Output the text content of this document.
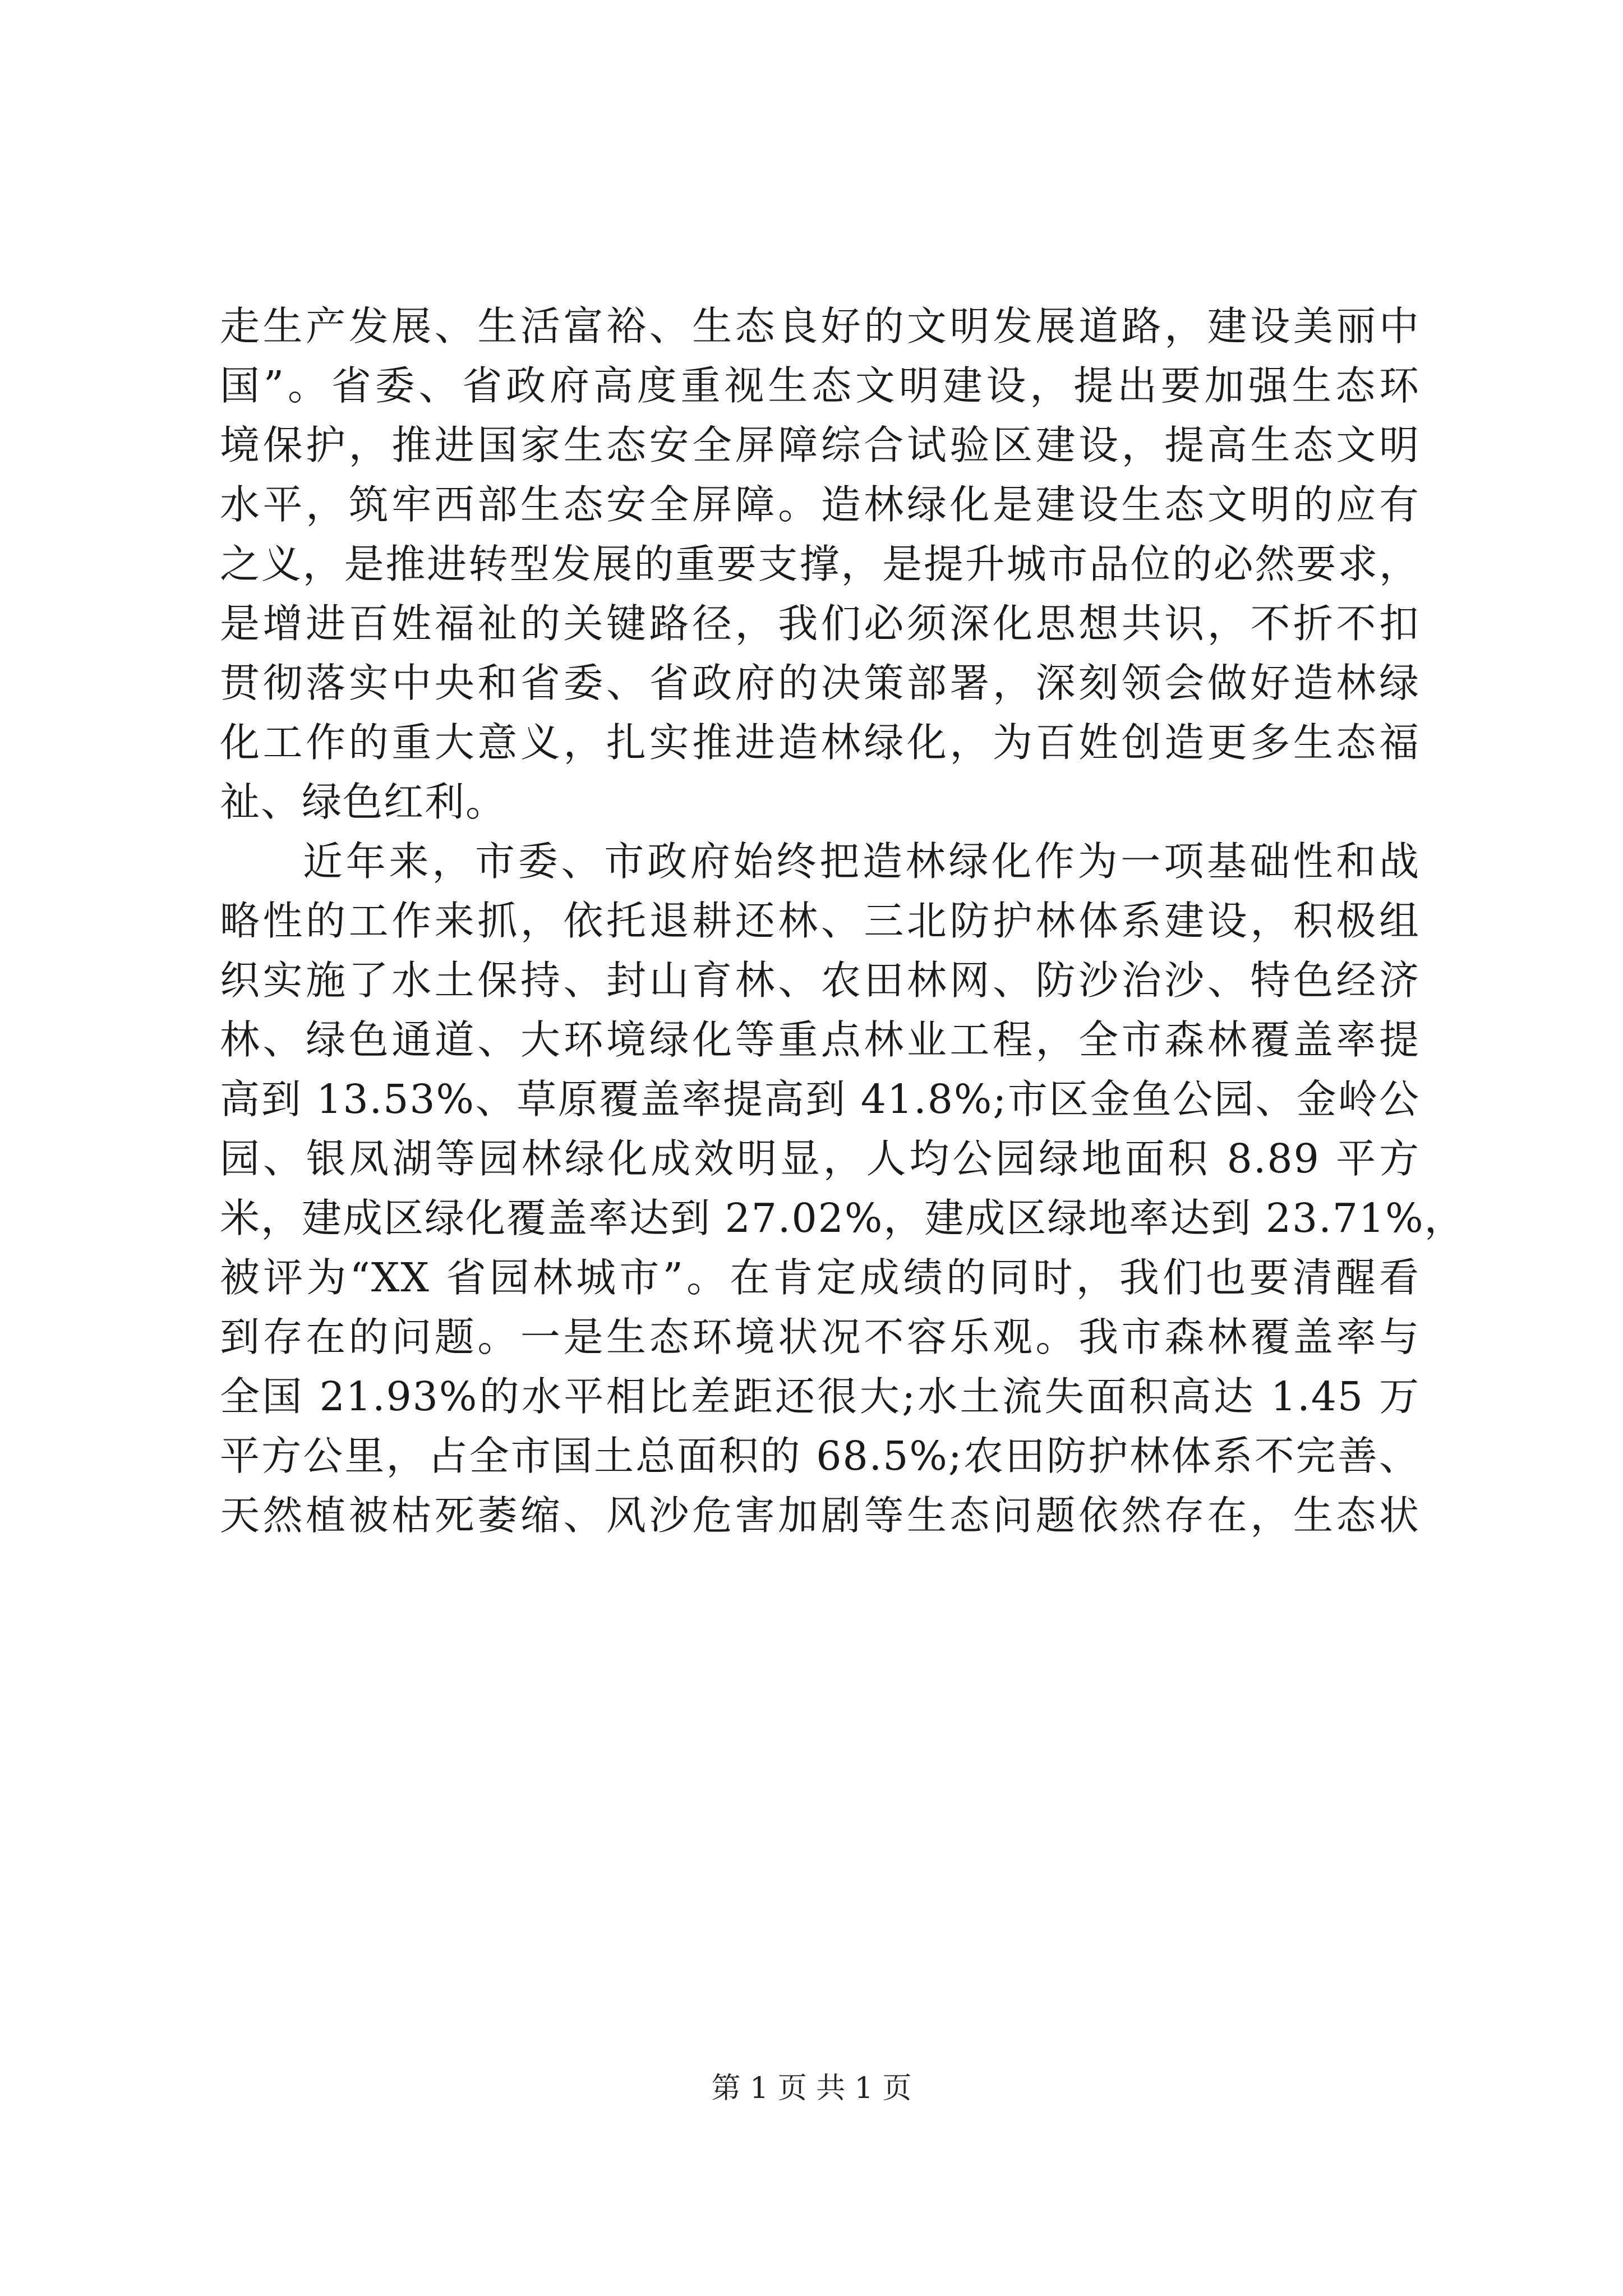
走生产发展、生活富裕、生态良好的文明发展道路，建设美丽中
国”。省委、省政府高度重视生态文明建设，提出要加强生态环
境保护，推进国家生态安全屏障综合试验区建设，提高生态文明
水平，筑牢西部生态安全屏障。造林绿化是建设生态文明的应有
之义，是推进转型发展的重要支撑，是提升城市品位的必然要求，
是增进百姓福祉的关键路径，我们必须深化思想共识，不折不扣
贯彻落实中央和省委、省政府的决策部署，深刻领会做好造林绿
化工作的重大意义，扎实推进造林绿化，为百姓创造更多生态福
祉、绿色红利。
近年来，市委、市政府始终把造林绿化作为一项基础性和战
略性的工作来抓，依托退耕还林、三北防护林体系建设，积极组
织实施了水土保持、封山育林、农田林网、防沙治沙、特色经济
林、绿色通道、大环境绿化等重点林业工程，全市森林覆盖率提
高到 13.53%、草原覆盖率提高到 41.8%;市区金鱼公园、金岭公
园、银凤湖等园林绿化成效明显，人均公园绿地面积 8.89 平方
米，建成区绿化覆盖率达到 27.02%，建成区绿地率达到 23.71%，
被评为“XX 省园林城市”。在肯定成绩的同时，我们也要清醒看
到存在的问题。一是生态环境状况不容乐观。我市森林覆盖率与
全国 21.93%的水平相比差距还很大;水土流失面积高达 1.45 万
平方公里，占全市国土总面积的 68.5%;农田防护林体系不完善、
天然植被枯死萎缩、风沙危害加剧等生态问题依然存在，生态状
第 1 页 共 1 页
